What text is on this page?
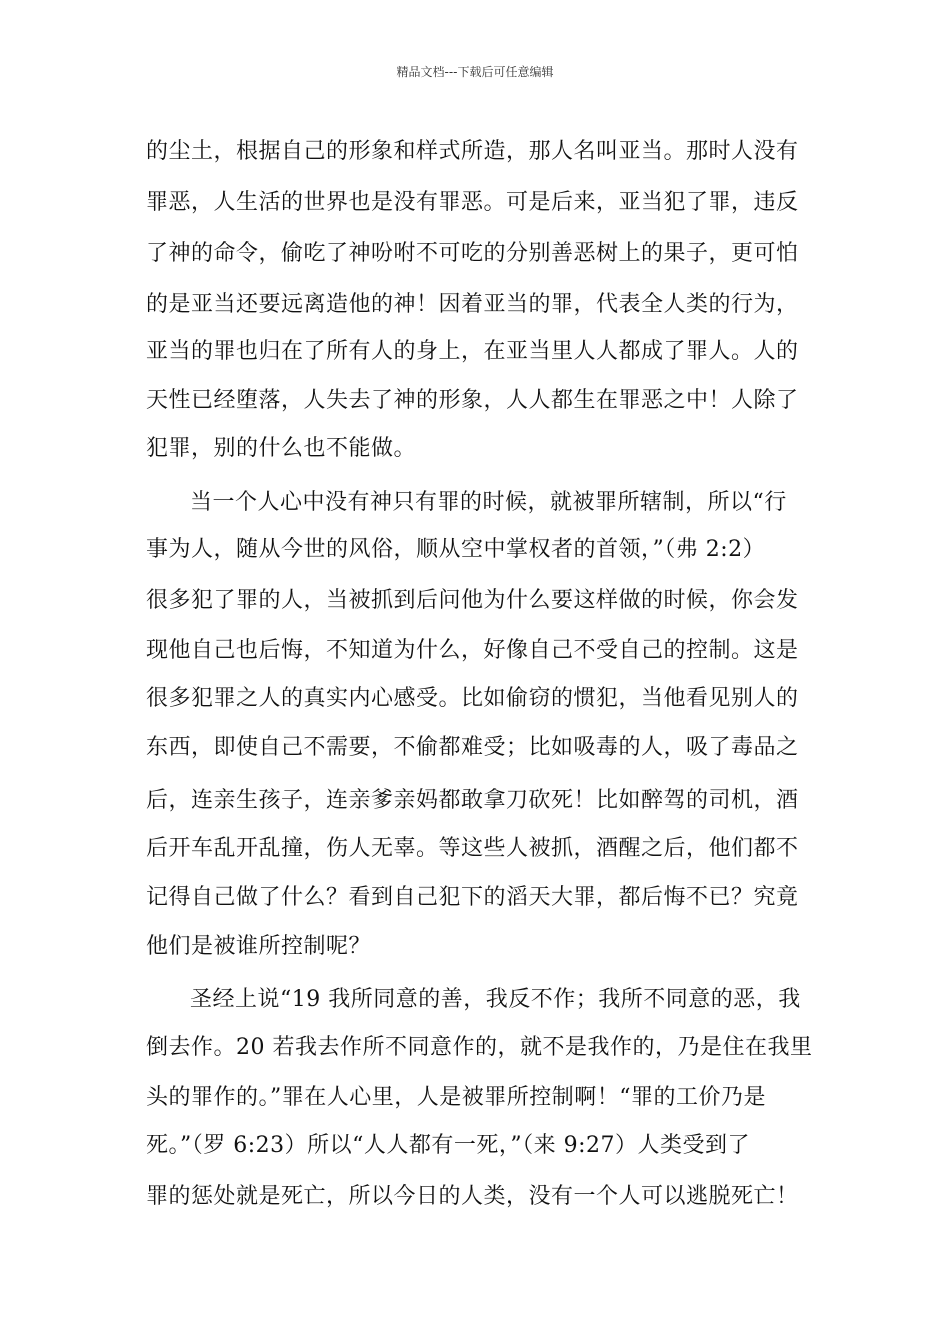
精品文档---下载后可任意编辑
的尘土，根据自己的形象和样式所造，那人名叫亚当。那时人没有
罪恶，人生活的世界也是没有罪恶。可是后来，亚当犯了罪，违反
了神的命令，偷吃了神吩咐不可吃的分别善恶树上的果子，更可怕
的是亚当还要远离造他的神！因着亚当的罪，代表全人类的行为，
亚当的罪也归在了所有人的身上，在亚当里人人都成了罪人。人的
天性已经堕落，人失去了神的形象，人人都生在罪恶之中！人除了
犯罪，别的什么也不能做。
当一个人心中没有神只有罪的时候，就被罪所辖制，所以“行
事为人，随从今世的风俗，顺从空中掌权者的首领，”（弗 2:2）
很多犯了罪的人，当被抓到后问他为什么要这样做的时候，你会发
现他自己也后悔，不知道为什么，好像自己不受自己的控制。这是
很多犯罪之人的真实内心感受。比如偷窃的惯犯，当他看见别人的
东西，即使自己不需要，不偷都难受；比如吸毒的人，吸了毒品之
后，连亲生孩子，连亲爹亲妈都敢拿刀砍死！比如醉驾的司机，酒
后开车乱开乱撞，伤人无辜。等这些人被抓，酒醒之后，他们都不
记得自己做了什么？看到自己犯下的滔天大罪，都后悔不已？究竟
他们是被谁所控制呢？
圣经上说“19 我所同意的善，我反不作；我所不同意的恶，我
倒去作。20 若我去作所不同意作的，就不是我作的，乃是住在我里
头的罪作的。”罪在人心里，人是被罪所控制啊！“罪的工价乃是
死。”（罗 6:23）所以“人人都有一死，”（来 9:27）人类受到了
罪的惩处就是死亡，所以今日的人类，没有一个人可以逃脱死亡！
